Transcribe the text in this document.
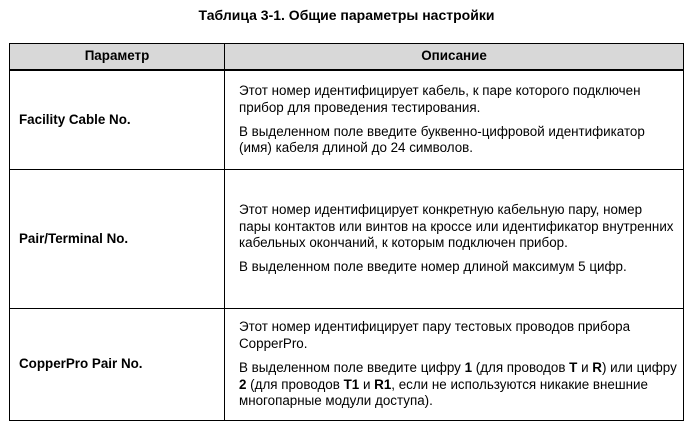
Таблица 3-1. Общие параметры настройки
Параметр	Описание
Facility Cable No.	Этот номер идентифицирует кабель, к паре которого подключен прибор для проведения тестирования.

В выделенном поле введите буквенно-цифровой идентификатор (имя) кабеля длиной до 24 символов.

Pair/Terminal No.	Этот номер идентифицирует конкретную кабельную пару, номер пары контактов или винтов на кроссе или идентификатор внутренних кабельных окончаний, к которым подключен прибор.

В выделенном поле введите номер длиной максимум 5 цифр.

CopperPro Pair No.	Этот номер идентифицирует пару тестовых проводов прибора CopperPro.

В выделенном поле введите цифру 1 (для проводов T и R) или цифру 2 (для проводов T1 и R1, если не используются никакие внешние многопарные модули доступа).
